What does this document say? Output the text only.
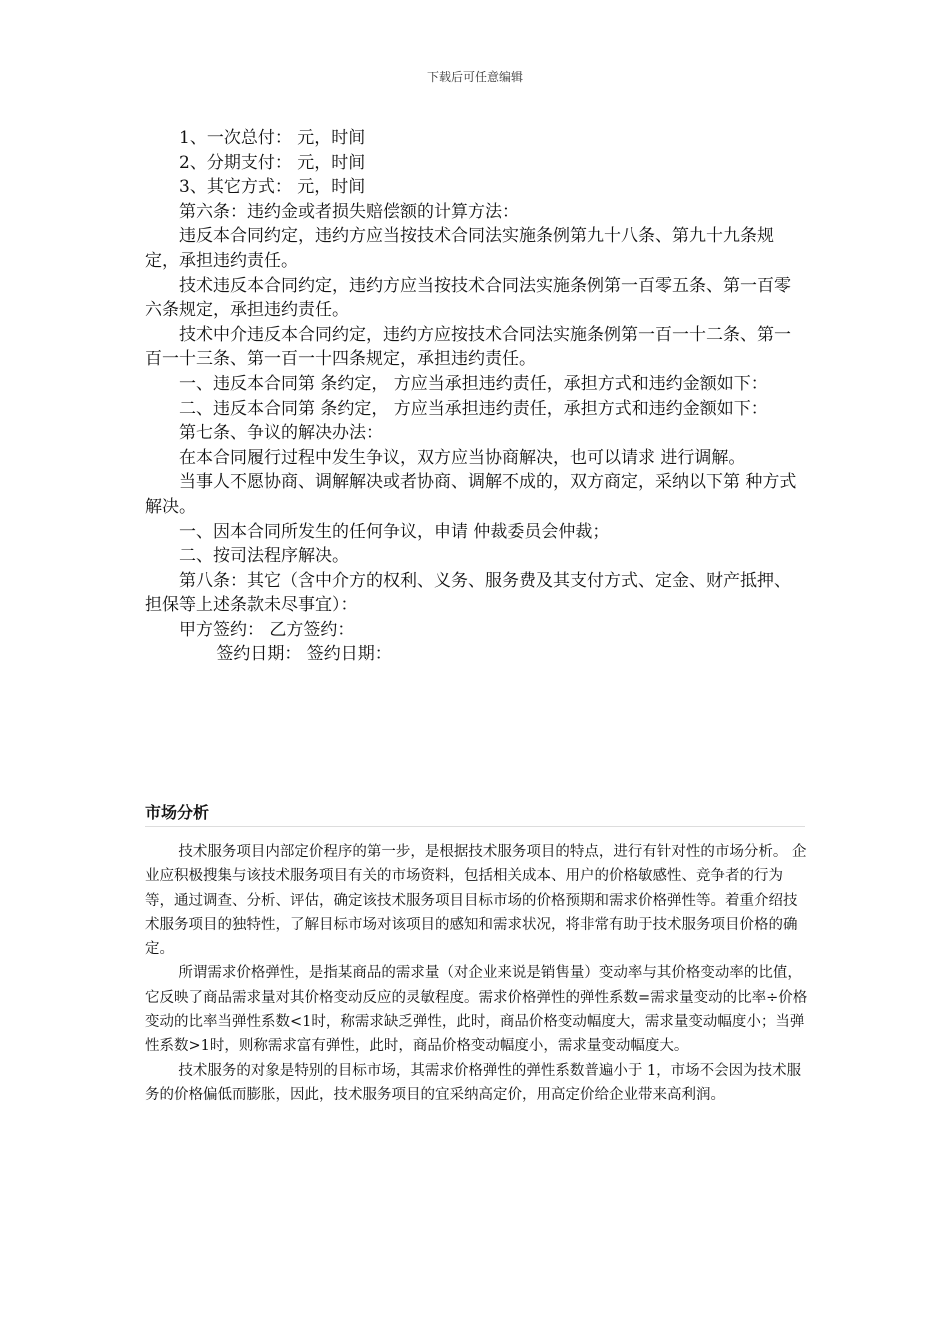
下载后可任意编辑

1、一次总付： 元，时间

2、分期支付： 元，时间

3、其它方式： 元，时间

第六条：违约金或者损失赔偿额的计算方法：

违反本合同约定，违约方应当按技术合同法实施条例第九十八条、第九十九条规定，承担违约责任。

技术违反本合同约定，违约方应当按技术合同法实施条例第一百零五条、第一百零六条规定，承担违约责任。

技术中介违反本合同约定，违约方应按技术合同法实施条例第一百一十二条、第一百一十三条、第一百一十四条规定，承担违约责任。

一、违反本合同第 条约定， 方应当承担违约责任，承担方式和违约金额如下：

二、违反本合同第 条约定， 方应当承担违约责任，承担方式和违约金额如下：

第七条、争议的解决办法：

在本合同履行过程中发生争议，双方应当协商解决，也可以请求 进行调解。

当事人不愿协商、调解解决或者协商、调解不成的，双方商定，采纳以下第 种方式解决。

一、因本合同所发生的任何争议，申请 仲裁委员会仲裁；

二、按司法程序解决。

第八条：其它（含中介方的权利、义务、服务费及其支付方式、定金、财产抵押、担保等上述条款未尽事宜）：

甲方签约： 乙方签约：

签约日期： 签约日期：

市场分析

技术服务项目内部定价程序的第一步，是根据技术服务项目的特点，进行有针对性的市场分析。 企业应积极搜集与该技术服务项目有关的市场资料，包括相关成本、用户的价格敏感性、竞争者的行为等，通过调查、分析、评估，确定该技术服务项目目标市场的价格预期和需求价格弹性等。着重介绍技术服务项目的独特性，了解目标市场对该项目的感知和需求状况，将非常有助于技术服务项目价格的确定。

所谓需求价格弹性，是指某商品的需求量（对企业来说是销售量）变动率与其价格变动率的比值，它反映了商品需求量对其价格变动反应的灵敏程度。需求价格弹性的弹性系数=需求量变动的比率÷价格变动的比率当弹性系数<1时，称需求缺乏弹性，此时，商品价格变动幅度大，需求量变动幅度小；当弹性系数>1时，则称需求富有弹性，此时，商品价格变动幅度小，需求量变动幅度大。

技术服务的对象是特别的目标市场，其需求价格弹性的弹性系数普遍小于 1，市场不会因为技术服务的价格偏低而膨胀，因此，技术服务项目的宜采纳高定价，用高定价给企业带来高利润。
